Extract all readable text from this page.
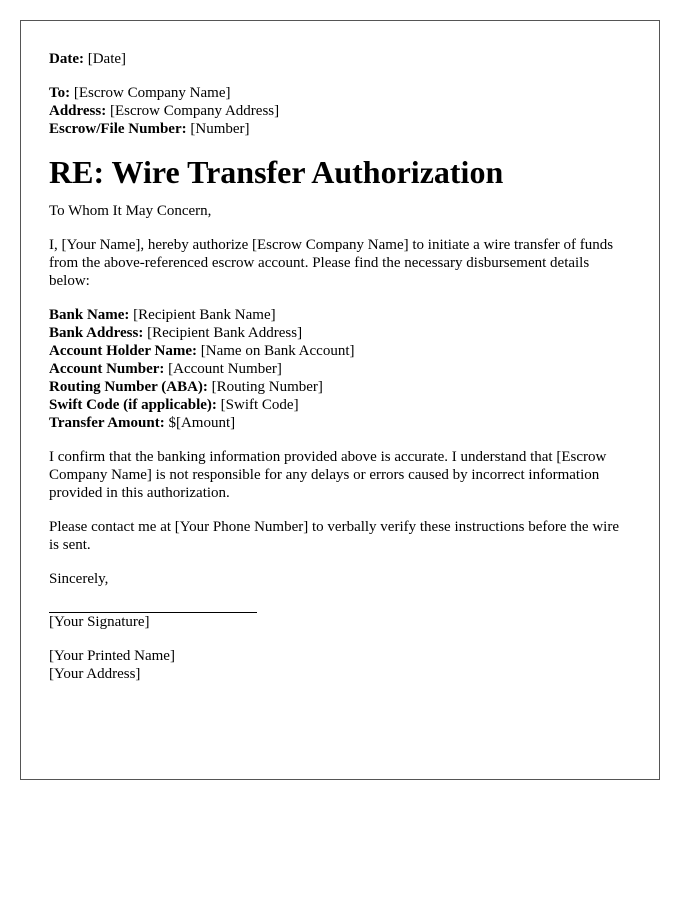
Date: [Date]

To: [Escrow Company Name]
Address: [Escrow Company Address]
Escrow/File Number: [Number]

RE: Wire Transfer Authorization

To Whom It May Concern,

I, [Your Name], hereby authorize [Escrow Company Name] to initiate a wire transfer of funds from the above-referenced escrow account. Please find the necessary disbursement details below:

Bank Name: [Recipient Bank Name]
Bank Address: [Recipient Bank Address]
Account Holder Name: [Name on Bank Account]
Account Number: [Account Number]
Routing Number (ABA): [Routing Number]
Swift Code (if applicable): [Swift Code]
Transfer Amount: $[Amount]

I confirm that the banking information provided above is accurate. I understand that [Escrow Company Name] is not responsible for any delays or errors caused by incorrect information provided in this authorization.

Please contact me at [Your Phone Number] to verbally verify these instructions before the wire is sent.

Sincerely,

[Your Signature]

[Your Printed Name]
[Your Address]
